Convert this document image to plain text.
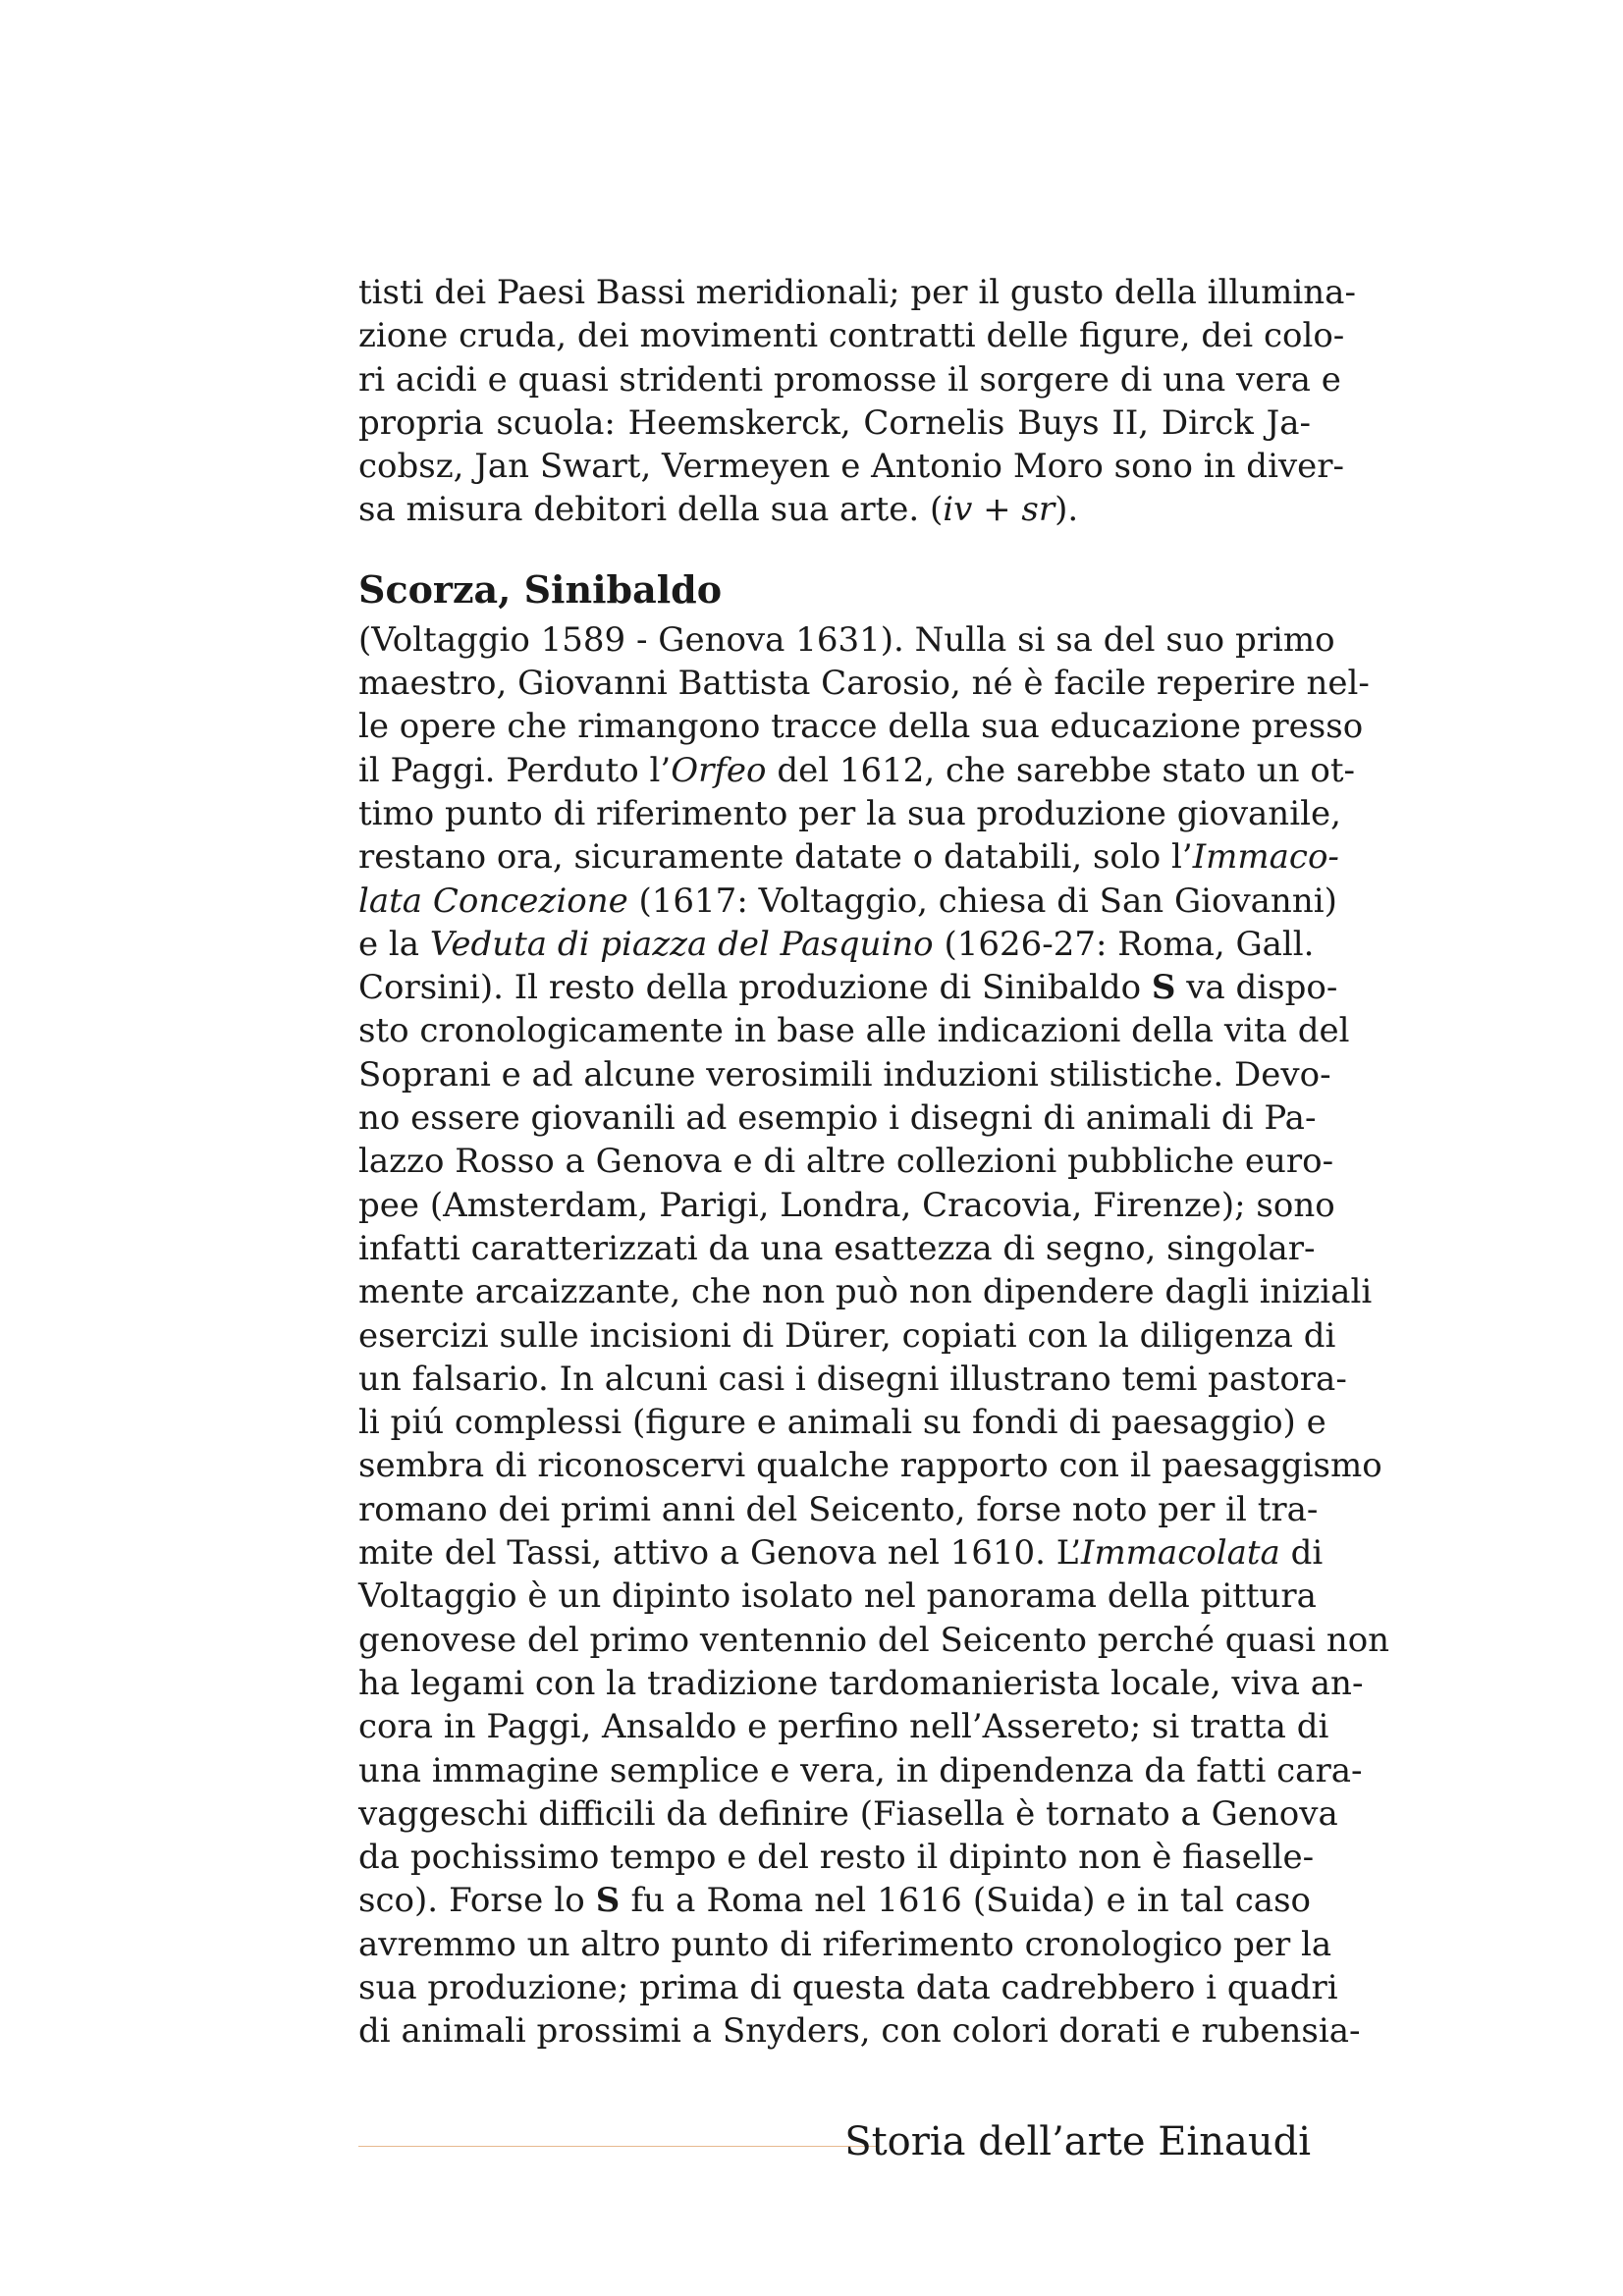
tisti dei Paesi Bassi meridionali; per il gusto della illumina-
zione cruda, dei movimenti contratti delle figure, dei colo-
ri acidi e quasi stridenti promosse il sorgere di una vera e
propria scuola: Heemskerck, Cornelis Buys II, Dirck Ja-
cobsz, Jan Swart, Vermeyen e Antonio Moro sono in diver-
sa misura debitori della sua arte. (iv + sr).

Scorza, Sinibaldo

(Voltaggio 1589 - Genova 1631). Nulla si sa del suo primo
maestro, Giovanni Battista Carosio, né è facile reperire nel-
le opere che rimangono tracce della sua educazione presso
il Paggi. Perduto l’Orfeo del 1612, che sarebbe stato un ot-
timo punto di riferimento per la sua produzione giovanile,
restano ora, sicuramente datate o databili, solo l’Immaco-
lata Concezione (1617: Voltaggio, chiesa di San Giovanni)
e la Veduta di piazza del Pasquino (1626-27: Roma, Gall.
Corsini). Il resto della produzione di Sinibaldo S va dispo-
sto cronologicamente in base alle indicazioni della vita del
Soprani e ad alcune verosimili induzioni stilistiche. Devo-
no essere giovanili ad esempio i disegni di animali di Pa-
lazzo Rosso a Genova e di altre collezioni pubbliche euro-
pee (Amsterdam, Parigi, Londra, Cracovia, Firenze); sono
infatti caratterizzati da una esattezza di segno, singolar-
mente arcaizzante, che non può non dipendere dagli iniziali
esercizi sulle incisioni di Dürer, copiati con la diligenza di
un falsario. In alcuni casi i disegni illustrano temi pastora-
li piú complessi (figure e animali su fondi di paesaggio) e
sembra di riconoscervi qualche rapporto con il paesaggismo
romano dei primi anni del Seicento, forse noto per il tra-
mite del Tassi, attivo a Genova nel 1610. L’Immacolata di
Voltaggio è un dipinto isolato nel panorama della pittura
genovese del primo ventennio del Seicento perché quasi non
ha legami con la tradizione tardomanierista locale, viva an-
cora in Paggi, Ansaldo e perfino nell’Assereto; si tratta di
una immagine semplice e vera, in dipendenza da fatti cara-
vaggeschi difficili da definire (Fiasella è tornato a Genova
da pochissimo tempo e del resto il dipinto non è fiaselle-
sco). Forse lo S fu a Roma nel 1616 (Suida) e in tal caso
avremmo un altro punto di riferimento cronologico per la
sua produzione; prima di questa data cadrebbero i quadri
di animali prossimi a Snyders, con colori dorati e rubensia-

Storia dell’arte Einaudi
